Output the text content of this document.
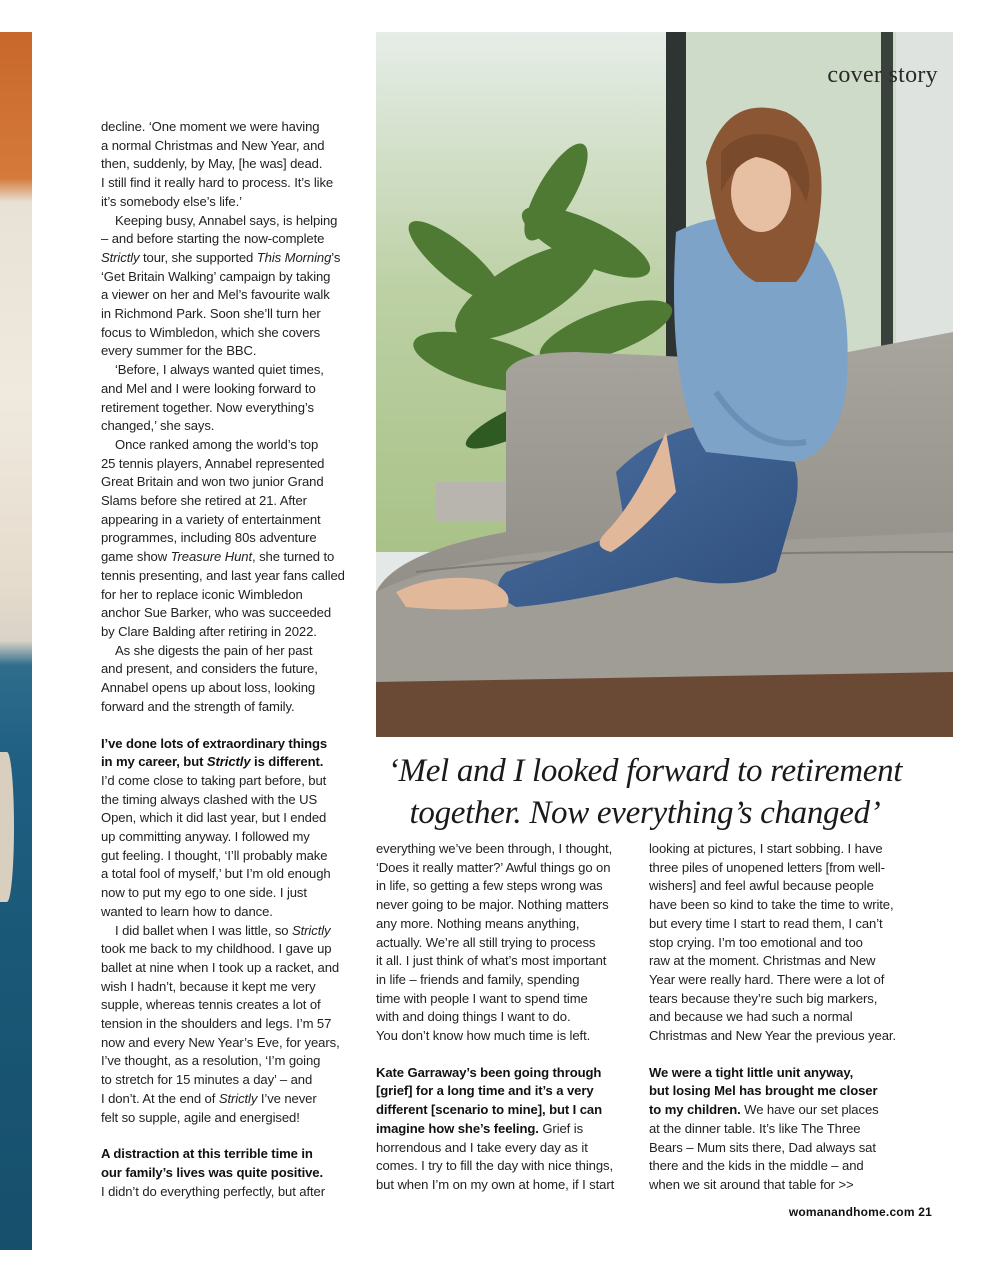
decline. ‘One moment we were having
a normal Christmas and New Year, and
then, suddenly, by May, [he was] dead.
I still find it really hard to process. It’s like
it’s somebody else’s life.’

Keeping busy, Annabel says, is helping
– and before starting the now-complete
Strictly tour, she supported This Morning’s
‘Get Britain Walking’ campaign by taking
a viewer on her and Mel’s favourite walk
in Richmond Park. Soon she’ll turn her
focus to Wimbledon, which she covers
every summer for the BBC.

‘Before, I always wanted quiet times,
and Mel and I were looking forward to
retirement together. Now everything’s
changed,’ she says.

Once ranked among the world’s top
25 tennis players, Annabel represented
Great Britain and won two junior Grand
Slams before she retired at 21. After
appearing in a variety of entertainment
programmes, including 80s adventure
game show Treasure Hunt, she turned to
tennis presenting, and last year fans called
for her to replace iconic Wimbledon
anchor Sue Barker, who was succeeded
by Clare Balding after retiring in 2022.

As she digests the pain of her past
and present, and considers the future,
Annabel opens up about loss, looking
forward and the strength of family.

I’ve done lots of extraordinary things
in my career, but Strictly is different.
I’d come close to taking part before, but
the timing always clashed with the US
Open, which it did last year, but I ended
up committing anyway. I followed my
gut feeling. I thought, ‘I’ll probably make
a total fool of myself,’ but I’m old enough
now to put my ego to one side. I just
wanted to learn how to dance.

I did ballet when I was little, so Strictly
took me back to my childhood. I gave up
ballet at nine when I took up a racket, and
wish I hadn’t, because it kept me very
supple, whereas tennis creates a lot of
tension in the shoulders and legs. I’m 57
now and every New Year’s Eve, for years,
I’ve thought, as a resolution, ‘I’m going
to stretch for 15 minutes a day’ – and
I don’t. At the end of Strictly I’ve never
felt so supple, agile and energised!

A distraction at this terrible time in
our family’s lives was quite positive.
I didn’t do everything perfectly, but after

cover story
‘Mel and I looked forward to retirement
together. Now everything’s changed’

everything we’ve been through, I thought,
‘Does it really matter?’ Awful things go on
in life, so getting a few steps wrong was
never going to be major. Nothing matters
any more. Nothing means anything,
actually. We’re all still trying to process
it all. I just think of what’s most important
in life – friends and family, spending
time with people I want to spend time
with and doing things I want to do.
You don’t know how much time is left.

Kate Garraway’s been going through
[grief] for a long time and it’s a very
different [scenario to mine], but I can
imagine how she’s feeling. Grief is
horrendous and I take every day as it
comes. I try to fill the day with nice things,
but when I’m on my own at home, if I start

looking at pictures, I start sobbing. I have
three piles of unopened letters [from well-
wishers] and feel awful because people
have been so kind to take the time to write,
but every time I start to read them, I can’t
stop crying. I’m too emotional and too
raw at the moment. Christmas and New
Year were really hard. There were a lot of
tears because they’re such big markers,
and because we had such a normal
Christmas and New Year the previous year.

We were a tight little unit anyway,
but losing Mel has brought me closer
to my children. We have our set places
at the dinner table. It’s like The Three
Bears – Mum sits there, Dad always sat
there and the kids in the middle – and
when we sit around that table for >>

womanandhome.com 21
